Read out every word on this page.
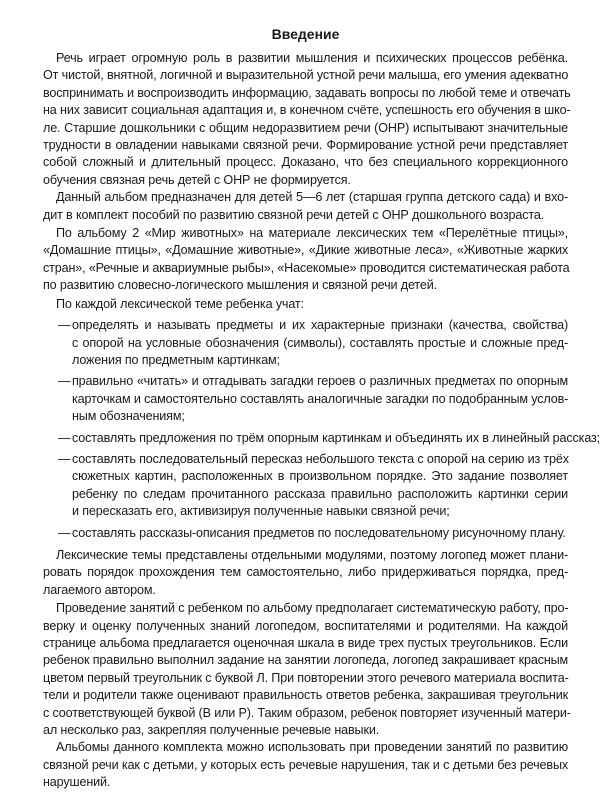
Введение
Речь играет огромную роль в развитии мышления и психических процессов ребёнка.
От чистой, внятной, логичной и выразительной устной речи малыша, его умения адекватно
воспринимать и воспроизводить информацию, задавать вопросы по любой теме и отвечать
на них зависит социальная адаптация и, в конечном счёте, успешность его обучения в шко-
ле. Старшие дошкольники с общим недоразвитием речи (ОНР) испытывают значительные
трудности в овладении навыками связной речи. Формирование устной речи представляет
собой сложный и длительный процесс. Доказано, что без специального коррекционного
обучения связная речь детей с ОНР не формируется.
Данный альбом предназначен для детей 5—6 лет (старшая группа детского сада) и вхо-
дит в комплект пособий по развитию связной речи детей с ОНР дошкольного возраста.
По альбому 2 «Мир животных» на материале лексических тем «Перелётные птицы»,
«Домашние птицы», «Домашние животные», «Дикие животные леса», «Животные жарких
стран», «Речные и аквариумные рыбы», «Насекомые» проводится систематическая работа
по развитию словесно-логического мышления и связной речи детей.
По каждой лексической теме ребенка учат:
— определять и называть предметы и их характерные признаки (качества, свойства)
с опорой на условные обозначения (символы), составлять простые и сложные пред-
ложения по предметным картинкам;
— правильно «читать» и отгадывать загадки героев о различных предметах по опорным
карточкам и самостоятельно составлять аналогичные загадки по подобранным услов-
ным обозначениям;
— составлять предложения по трём опорным картинкам и объединять их в линейный рассказ;
— составлять последовательный пересказ небольшого текста с опорой на серию из трёх
сюжетных картин, расположенных в произвольном порядке. Это задание позволяет
ребенку по следам прочитанного рассказа правильно расположить картинки серии
и пересказать его, активизируя полученные навыки связной речи;
— составлять рассказы-описания предметов по последовательному рисуночному плану.
Лексические темы представлены отдельными модулями, поэтому логопед может плани-
ровать порядок прохождения тем самостоятельно, либо придерживаться порядка, пред-
лагаемого автором.
Проведение занятий с ребенком по альбому предполагает систематическую работу, про-
верку и оценку полученных знаний логопедом, воспитателями и родителями. На каждой
странице альбома предлагается оценочная шкала в виде трех пустых треугольников. Если
ребенок правильно выполнил задание на занятии логопеда, логопед закрашивает красным
цветом первый треугольник с буквой Л. При повторении этого речевого материала воспита-
тели и родители также оценивают правильность ответов ребенка, закрашивая треугольник
с соответствующей буквой (В или Р). Таким образом, ребенок повторяет изученный матери-
ал несколько раз, закрепляя полученные речевые навыки.
Альбомы данного комплекта можно использовать при проведении занятий по развитию
связной речи как с детьми, у которых есть речевые нарушения, так и с детьми без речевых
нарушений.
